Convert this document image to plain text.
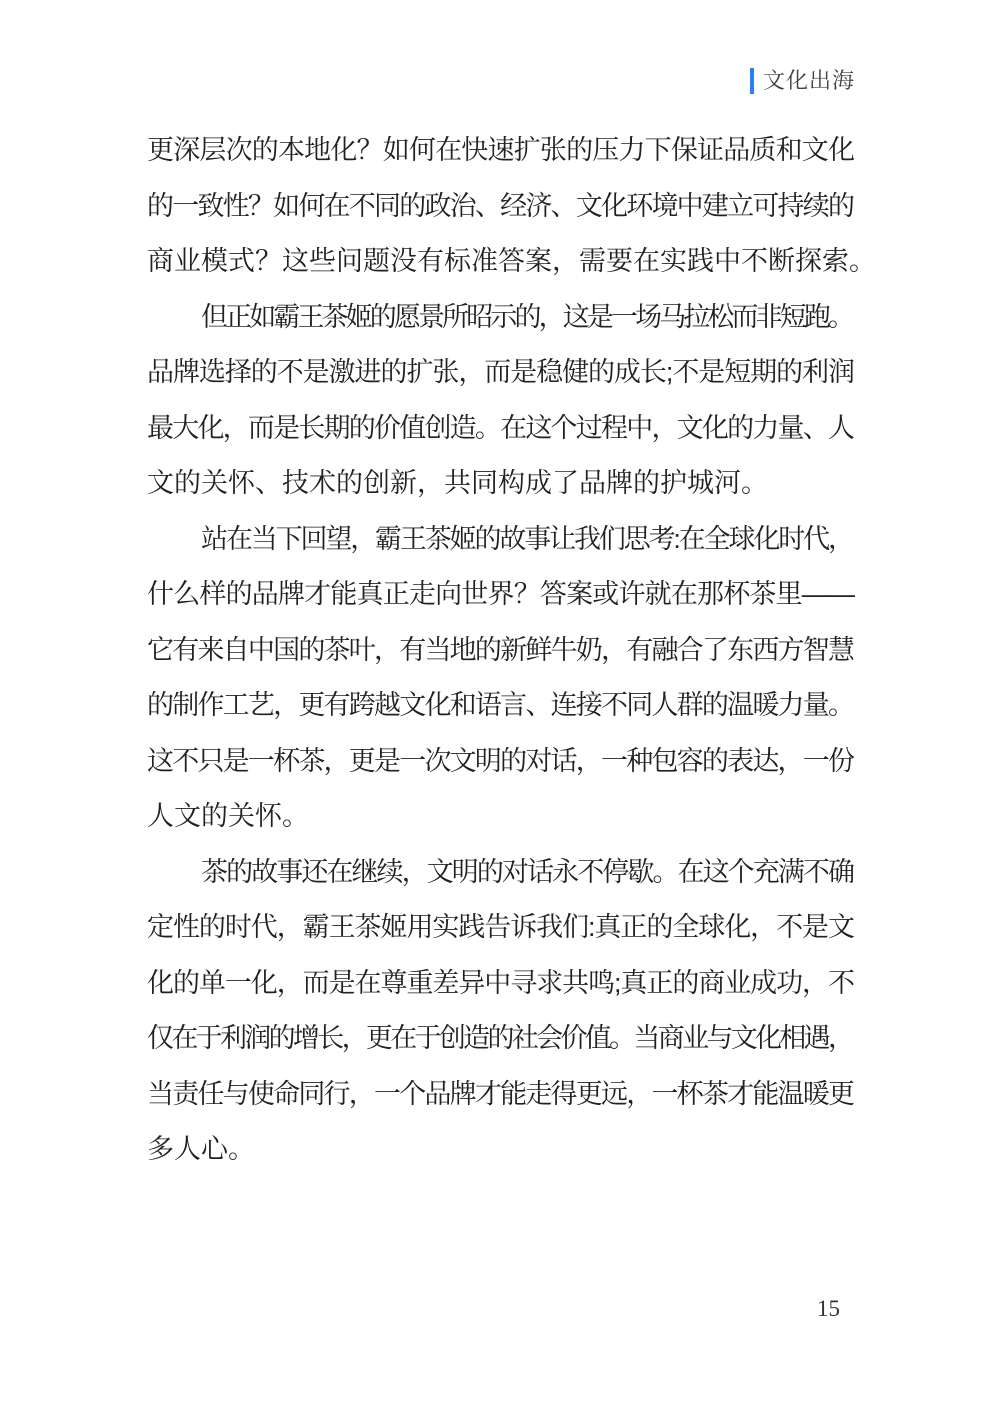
文化出海
更深层次的本地化？如何在快速扩张的压力下保证品质和文化
的一致性？如何在不同的政治、经济、文化环境中建立可持续的
商业模式？这些问题没有标准答案，需要在实践中不断探索。
但正如霸王茶姬的愿景所昭示的，这是一场马拉松而非短跑。
品牌选择的不是激进的扩张，而是稳健的成长;不是短期的利润
最大化，而是长期的价值创造。在这个过程中，文化的力量、人
文的关怀、技术的创新，共同构成了品牌的护城河。
站在当下回望，霸王茶姬的故事让我们思考:在全球化时代，
什么样的品牌才能真正走向世界？答案或许就在那杯茶里——
它有来自中国的茶叶，有当地的新鲜牛奶，有融合了东西方智慧
的制作工艺，更有跨越文化和语言、连接不同人群的温暖力量。
这不只是一杯茶，更是一次文明的对话，一种包容的表达，一份
人文的关怀。
茶的故事还在继续，文明的对话永不停歇。在这个充满不确
定性的时代，霸王茶姬用实践告诉我们:真正的全球化，不是文
化的单一化，而是在尊重差异中寻求共鸣;真正的商业成功，不
仅在于利润的增长，更在于创造的社会价值。当商业与文化相遇，
当责任与使命同行，一个品牌才能走得更远，一杯茶才能温暖更
多人心。
15
